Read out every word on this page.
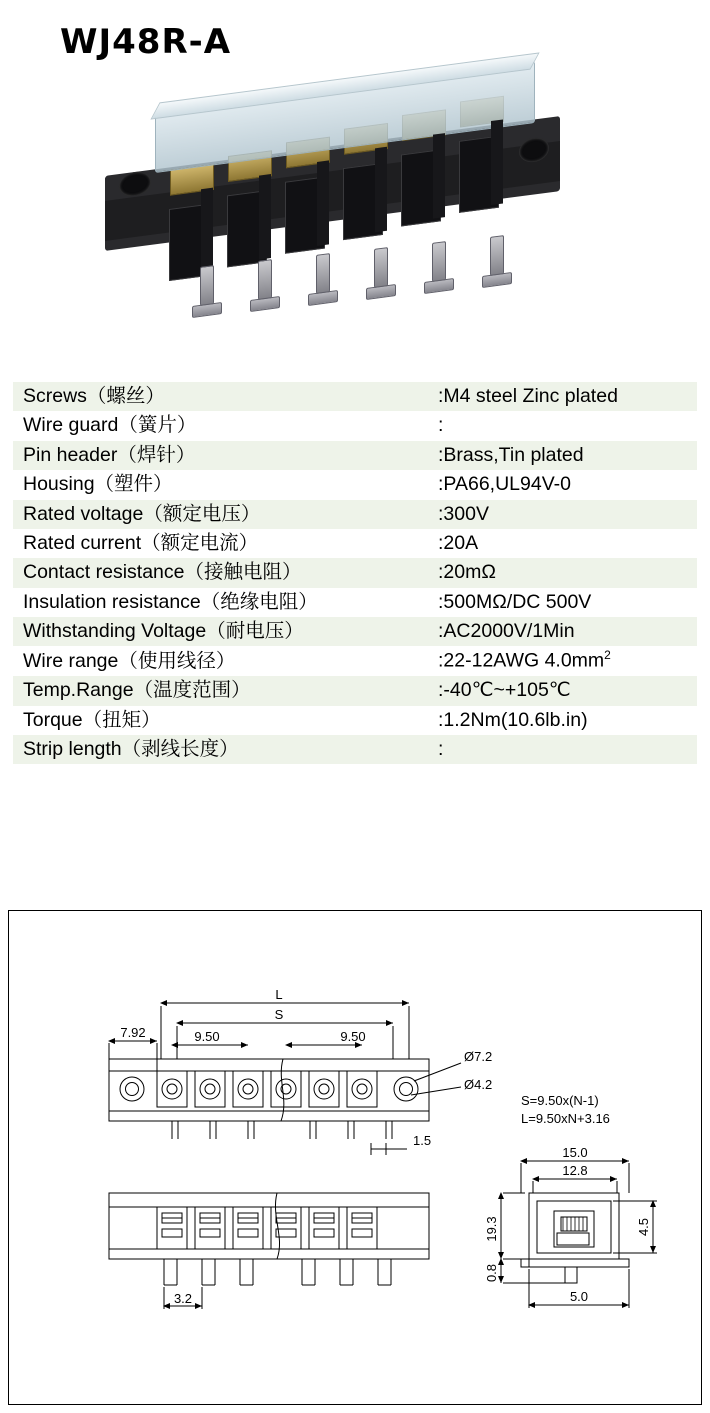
WJ48R-A
Screws（螺丝）	:M4 steel Zinc plated
Wire guard（簧片）	:
Pin header（焊针）	:Brass,Tin plated
Housing（塑件）	:PA66,UL94V-0
Rated voltage（额定电压）	:300V
Rated current（额定电流）	:20A
Contact resistance（接触电阻）	:20mΩ
Insulation resistance（绝缘电阻）	:500MΩ/DC 500V
Withstanding Voltage（耐电压）	:AC2000V/1Min
Wire range（使用线径）	:22-12AWG $4.0mm^2$
Temp.Range（温度范围）	:-40℃~+105℃
Torque（扭矩）	:1.2Nm(10.6lb.in)
Strip length（剥线长度）	:
L
S
9.50	9.50
7.92
Ø7.2
Ø4.2
1.5
S=9.50x(N-1)
L=9.50xN+3.16
3.2
15.0
12.8
19.3
0.8
4.5
5.0
